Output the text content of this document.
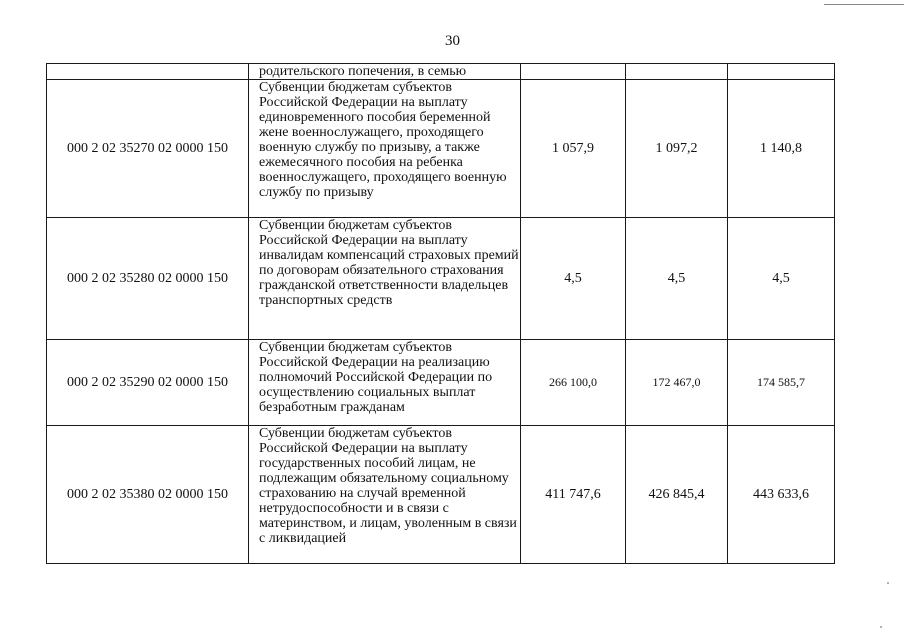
30
	родительского попечения, в семью			
000 2 02 35270 02 0000 150	Субвенции бюджетам субъектов Российской Федерации на выплату единовременного пособия беременной жене военнослужащего, проходящего военную службу по призыву, а также ежемесячного пособия на ребенка военнослужащего, проходящего военную службу по призыву	1 057,9	1 097,2	1 140,8
000 2 02 35280 02 0000 150	Субвенции бюджетам субъектов Российской Федерации на выплату инвалидам компенсаций страховых премий по договорам обязательного страхования гражданской ответственности владельцев транспортных средств	4,5	4,5	4,5
000 2 02 35290 02 0000 150	Субвенции бюджетам субъектов Российской Федерации на реализацию полномочий Российской Федерации по осуществлению социальных выплат безработным гражданам	266 100,0	172 467,0	174 585,7
000 2 02 35380 02 0000 150	Субвенции бюджетам субъектов Российской Федерации на выплату государственных пособий лицам, не подлежащим обязательному социальному страхованию на случай временной нетрудоспособности и в связи с материнством, и лицам, уволенным в связи с ликвидацией	411 747,6	426 845,4	443 633,6
